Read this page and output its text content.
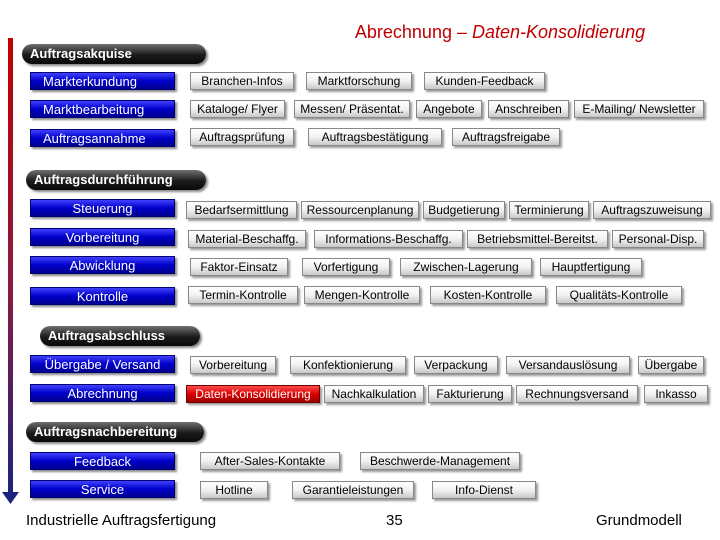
Abrechnung – Daten-Konsolidierung
Auftragsakquise
Markterkundung	Branchen-Infos	Marktforschung	Kunden-Feedback
Marktbearbeitung	Kataloge/ Flyer	Messen/ Präsentat.	Angebote	Anschreiben	E-Mailing/ Newsletter
Auftragsannahme	Auftragsprüfung	Auftragsbestätigung	Auftragsfreigabe
Auftragsdurchführung
Steuerung	Bedarfsermittlung	Ressourcenplanung	Budgetierung	Terminierung	Auftragszuweisung
Vorbereitung	Material-Beschaffg.	Informations-Beschaffg.	Betriebsmittel-Bereitst.	Personal-Disp.
Abwicklung	Faktor-Einsatz	Vorfertigung	Zwischen-Lagerung	Hauptfertigung
Kontrolle	Termin-Kontrolle	Mengen-Kontrolle	Kosten-Kontrolle	Qualitäts-Kontrolle
Auftragsabschluss
Übergabe / Versand	Vorbereitung	Konfektionierung	Verpackung	Versandauslösung	Übergabe
Abrechnung	Daten-Konsolidierung	Nachkalkulation	Fakturierung	Rechnungsversand	Inkasso
Auftragsnachbereitung
Feedback	After-Sales-Kontakte	Beschwerde-Management
Service	Hotline	Garantieleistungen	Info-Dienst
Industrielle Auftragsfertigung	35	Grundmodell
